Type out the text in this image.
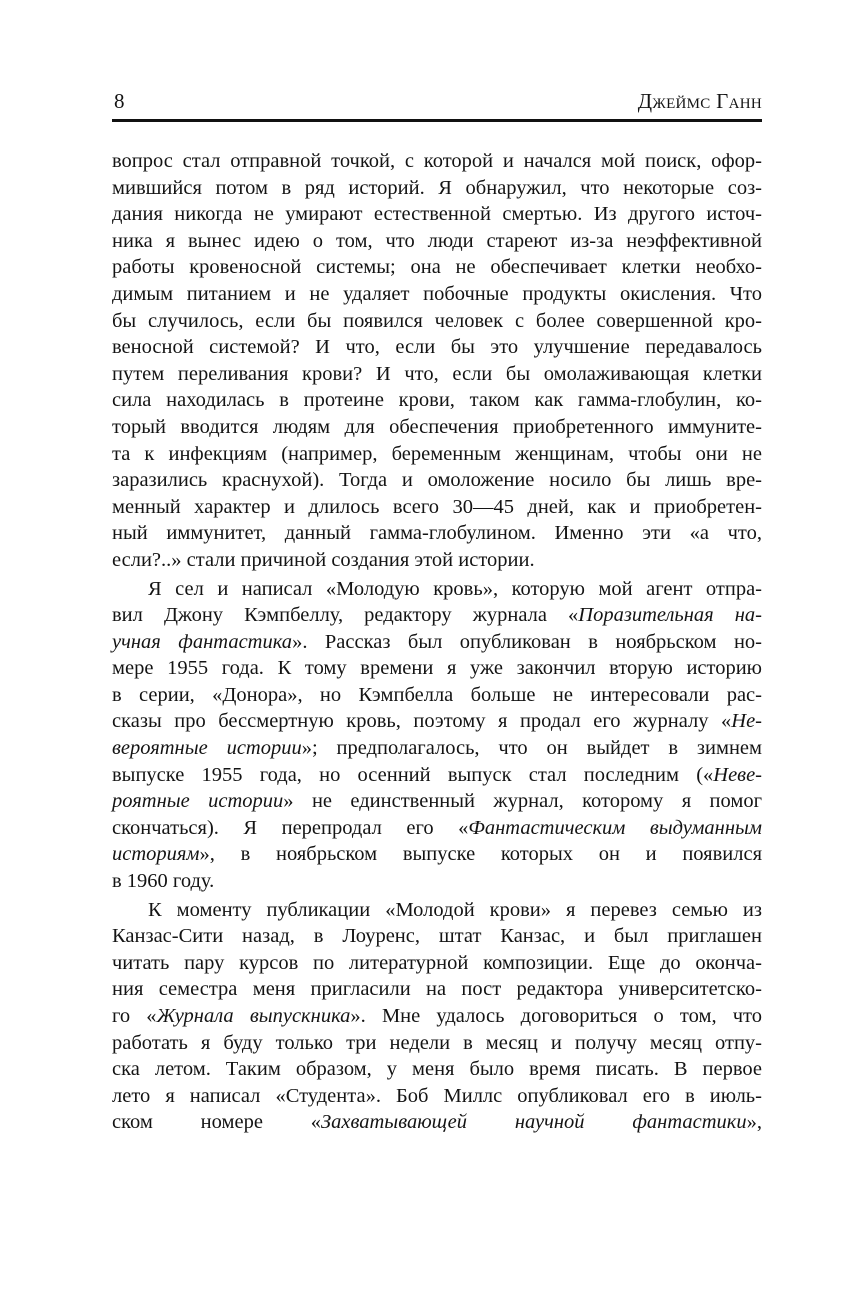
8	Джеймс Ганн
вопрос стал отправной точкой, с которой и начался мой поиск, офор-
мившийся потом в ряд историй. Я обнаружил, что некоторые соз-
дания никогда не умирают естественной смертью. Из другого источ-
ника я вынес идею о том, что люди стареют из-за неэффективной
работы кровеносной системы; она не обеспечивает клетки необхо-
димым питанием и не удаляет побочные продукты окисления. Что
бы случилось, если бы появился человек с более совершенной кро-
веносной системой? И что, если бы это улучшение передавалось
путем переливания крови? И что, если бы омолаживающая клетки
сила находилась в протеине крови, таком как гамма-глобулин, ко-
торый вводится людям для обеспечения приобретенного иммуните-
та к инфекциям (например, беременным женщинам, чтобы они не
заразились краснухой). Тогда и омоложение носило бы лишь вре-
менный характер и длилось всего 30—45 дней, как и приобретен-
ный иммунитет, данный гамма-глобулином. Именно эти «а что,
если?..» стали причиной создания этой истории.
Я сел и написал «Молодую кровь», которую мой агент отпра-
вил Джону Кэмпбеллу, редактору журнала «Поразительная на-
учная фантастика». Рассказ был опубликован в ноябрьском но-
мере 1955 года. К тому времени я уже закончил вторую историю
в серии, «Донора», но Кэмпбелла больше не интересовали рас-
сказы про бессмертную кровь, поэтому я продал его журналу «Не-
вероятные истории»; предполагалось, что он выйдет в зимнем
выпуске 1955 года, но осенний выпуск стал последним («Неве-
роятные истории» не единственный журнал, которому я помог
скончаться). Я перепродал его «Фантастическим выдуманным
историям», в ноябрьском выпуске которых он и появился
в 1960 году.
К моменту публикации «Молодой крови» я перевез семью из
Канзас-Сити назад, в Лоуренс, штат Канзас, и был приглашен
читать пару курсов по литературной композиции. Еще до оконча-
ния семестра меня пригласили на пост редактора университетско-
го «Журнала выпускника». Мне удалось договориться о том, что
работать я буду только три недели в месяц и получу месяц отпу-
ска летом. Таким образом, у меня было время писать. В первое
лето я написал «Студента». Боб Миллс опубликовал его в июль-
ском номере «Захватывающей научной фантастики»,
